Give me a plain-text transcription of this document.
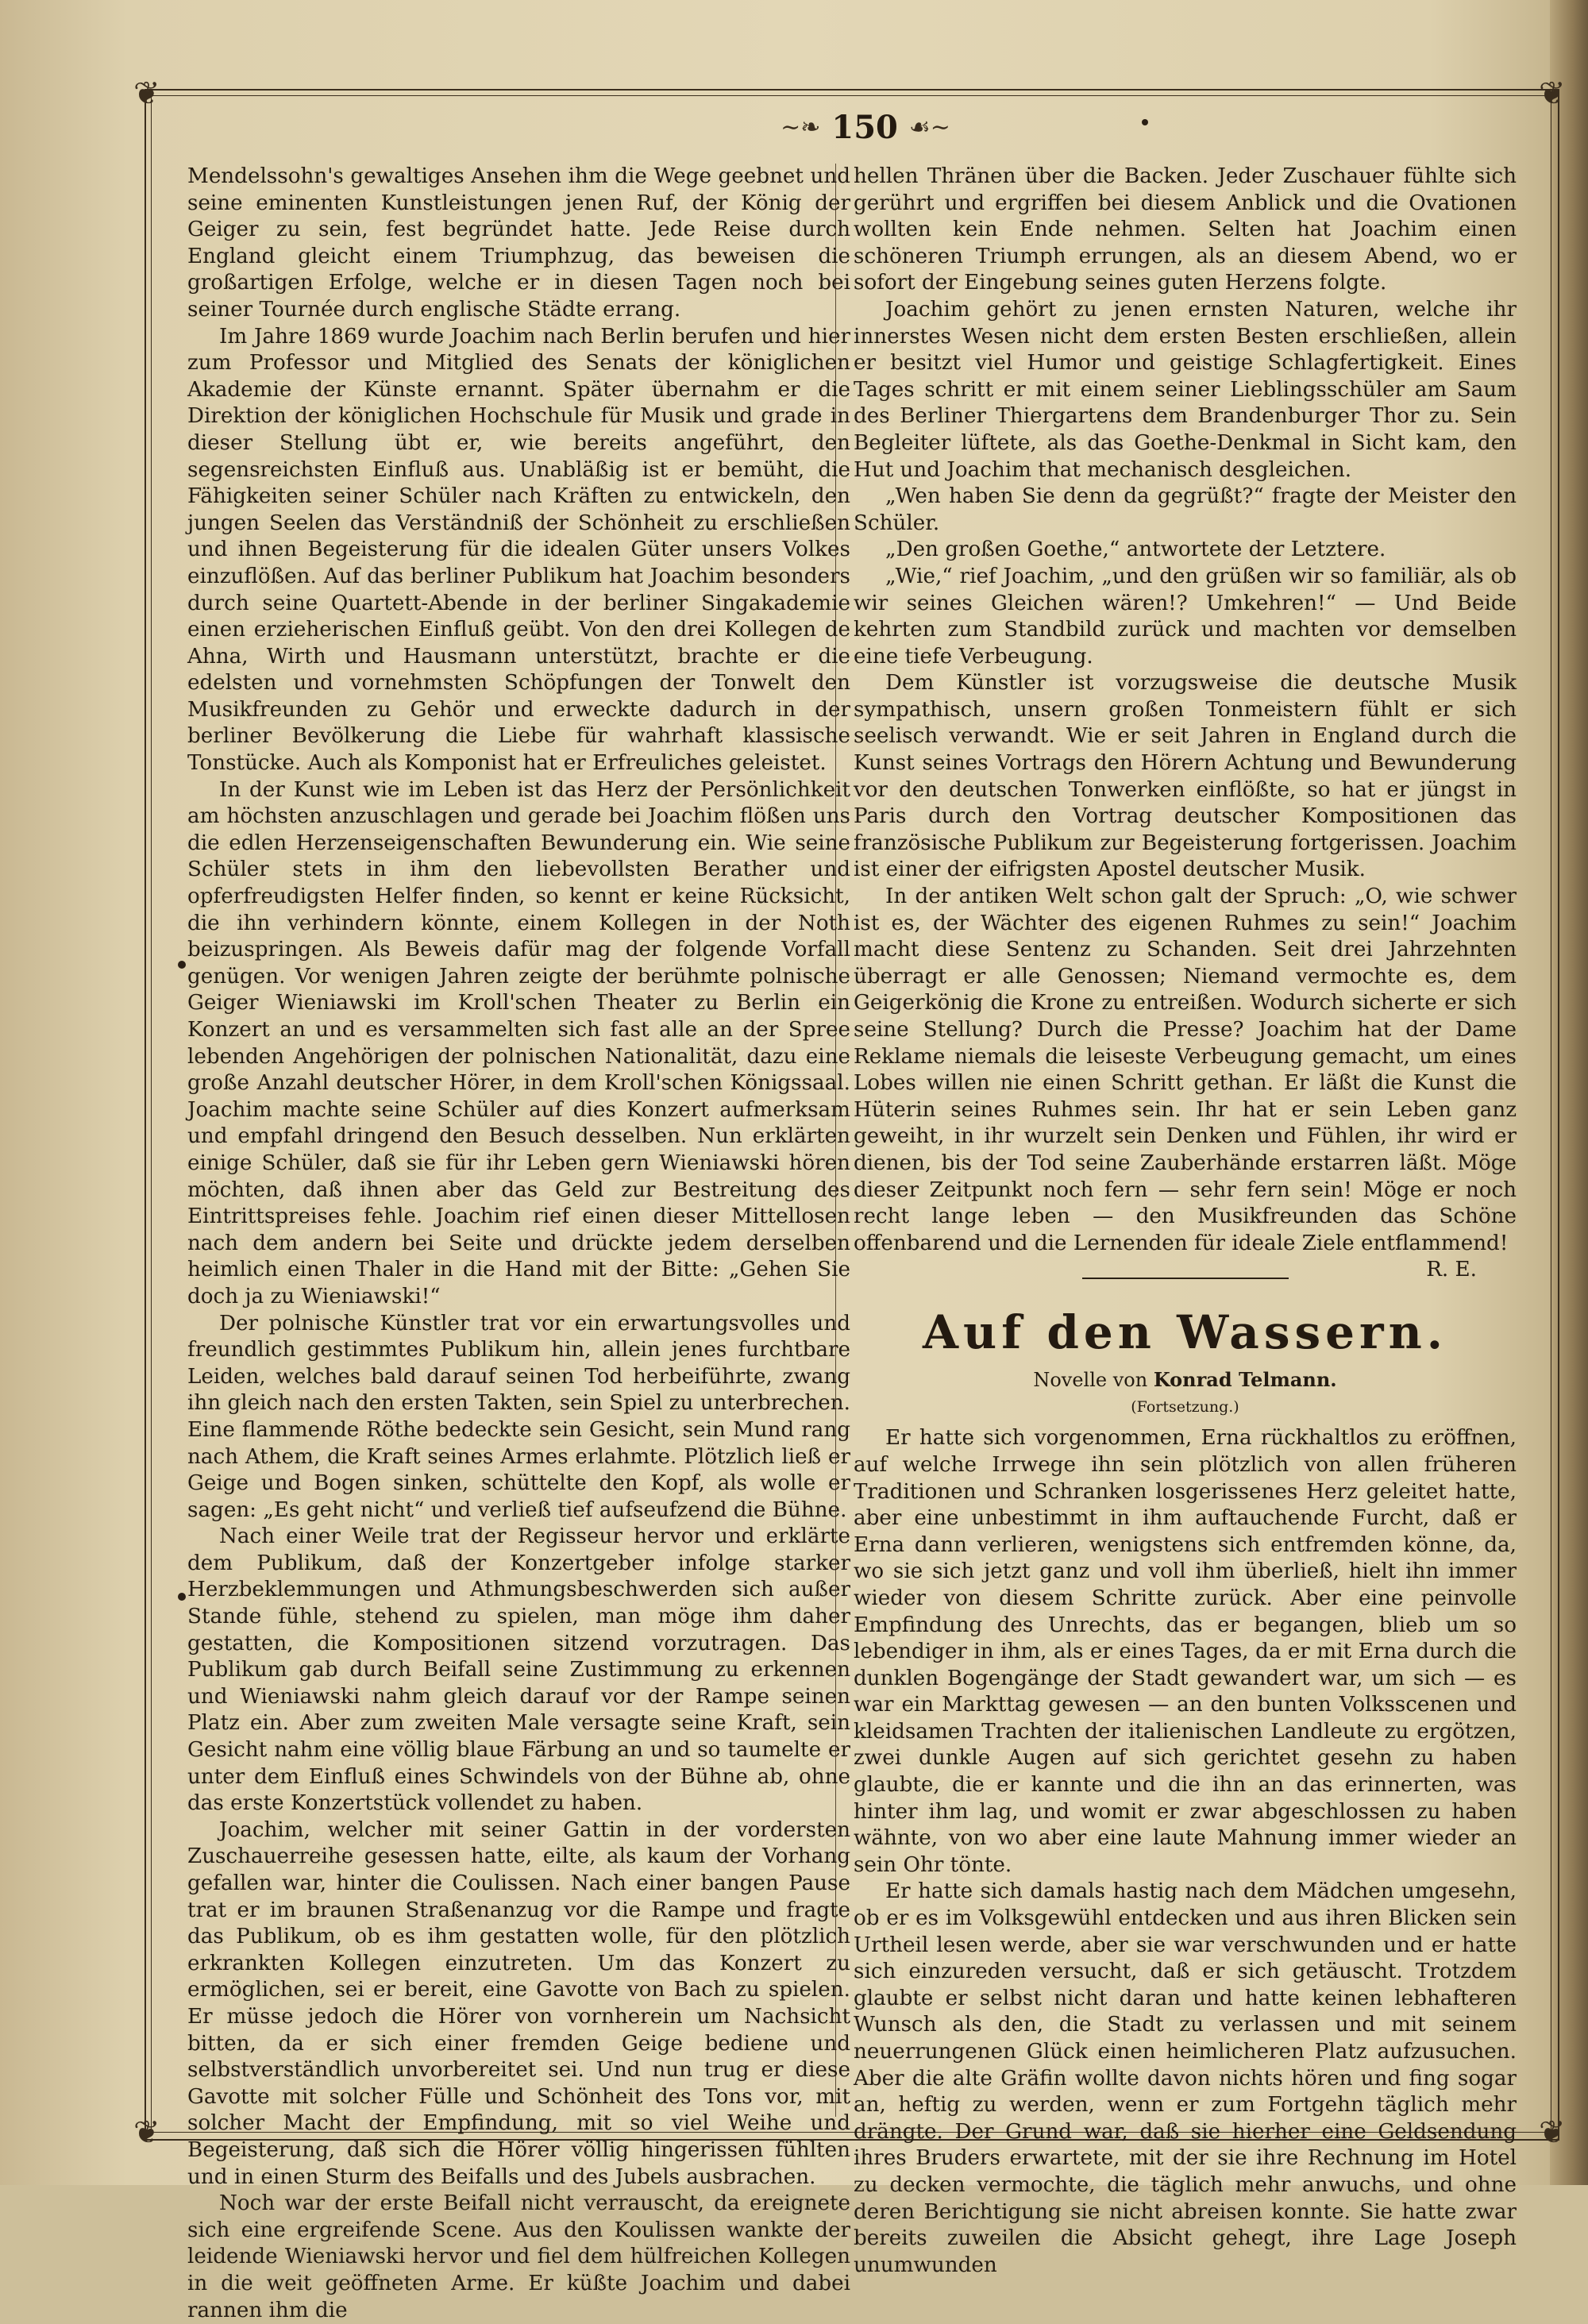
❦	❦
❦	❦
∼❧ 150 ☙∼

Mendelssohn's gewaltiges Ansehen ihm die Wege geebnet und seine eminenten Kunstleistungen jenen Ruf, der König der Geiger zu sein, fest begründet hatte. Jede Reise durch England gleicht einem Triumphzug, das beweisen die großartigen Erfolge, welche er in diesen Tagen noch bei seiner Tournée durch englische Städte errang.

Im Jahre 1869 wurde Joachim nach Berlin berufen und hier zum Professor und Mitglied des Senats der königlichen Akademie der Künste ernannt. Später übernahm er die Direktion der königlichen Hochschule für Musik und grade in dieser Stellung übt er, wie bereits angeführt, den segensreichsten Einfluß aus. Unabläßig ist er bemüht, die Fähigkeiten seiner Schüler nach Kräften zu entwickeln, den jungen Seelen das Verständniß der Schönheit zu erschließen und ihnen Begeisterung für die idealen Güter unsers Volkes einzuflößen. Auf das berliner Publikum hat Joachim besonders durch seine Quartett-Abende in der berliner Singakademie einen erzieherischen Einfluß geübt. Von den drei Kollegen de Ahna, Wirth und Hausmann unterstützt, brachte er die edelsten und vornehmsten Schöpfungen der Tonwelt den Musikfreunden zu Gehör und erweckte dadurch in der berliner Bevölkerung die Liebe für wahrhaft klassische Tonstücke. Auch als Komponist hat er Erfreuliches geleistet.

In der Kunst wie im Leben ist das Herz der Persönlichkeit am höchsten anzuschlagen und gerade bei Joachim flößen uns die edlen Herzenseigenschaften Bewunderung ein. Wie seine Schüler stets in ihm den liebevollsten Berather und opferfreudigsten Helfer finden, so kennt er keine Rücksicht, die ihn verhindern könnte, einem Kollegen in der Noth beizuspringen. Als Beweis dafür mag der folgende Vorfall genügen. Vor wenigen Jahren zeigte der berühmte polnische Geiger Wieniawski im Kroll'schen Theater zu Berlin ein Konzert an und es versammelten sich fast alle an der Spree lebenden Angehörigen der polnischen Nationalität, dazu eine große Anzahl deutscher Hörer, in dem Kroll'schen Königssaal. Joachim machte seine Schüler auf dies Konzert aufmerksam und empfahl dringend den Besuch desselben. Nun erklärten einige Schüler, daß sie für ihr Leben gern Wieniawski hören möchten, daß ihnen aber das Geld zur Bestreitung des Eintrittspreises fehle. Joachim rief einen dieser Mittellosen nach dem andern bei Seite und drückte jedem derselben heimlich einen Thaler in die Hand mit der Bitte: „Gehen Sie doch ja zu Wieniawski!“

Der polnische Künstler trat vor ein erwartungsvolles und freundlich gestimmtes Publikum hin, allein jenes furchtbare Leiden, welches bald darauf seinen Tod herbeiführte, zwang ihn gleich nach den ersten Takten, sein Spiel zu unterbrechen. Eine flammende Röthe bedeckte sein Gesicht, sein Mund rang nach Athem, die Kraft seines Armes erlahmte. Plötzlich ließ er Geige und Bogen sinken, schüttelte den Kopf, als wolle er sagen: „Es geht nicht“ und verließ tief aufseufzend die Bühne.

Nach einer Weile trat der Regisseur hervor und erklärte dem Publikum, daß der Konzertgeber infolge starker Herzbeklemmungen und Athmungsbeschwerden sich außer Stande fühle, stehend zu spielen, man möge ihm daher gestatten, die Kompositionen sitzend vorzutragen. Das Publikum gab durch Beifall seine Zustimmung zu erkennen und Wieniawski nahm gleich darauf vor der Rampe seinen Platz ein. Aber zum zweiten Male versagte seine Kraft, sein Gesicht nahm eine völlig blaue Färbung an und so taumelte er unter dem Einfluß eines Schwindels von der Bühne ab, ohne das erste Konzertstück vollendet zu haben.

Joachim, welcher mit seiner Gattin in der vordersten Zuschauerreihe gesessen hatte, eilte, als kaum der Vorhang gefallen war, hinter die Coulissen. Nach einer bangen Pause trat er im braunen Straßenanzug vor die Rampe und fragte das Publikum, ob es ihm gestatten wolle, für den plötzlich erkrankten Kollegen einzutreten. Um das Konzert zu ermöglichen, sei er bereit, eine Gavotte von Bach zu spielen. Er müsse jedoch die Hörer von vornherein um Nachsicht bitten, da er sich einer fremden Geige bediene und selbstverständlich unvorbereitet sei. Und nun trug er diese Gavotte mit solcher Fülle und Schönheit des Tons vor, mit solcher Macht der Empfindung, mit so viel Weihe und Begeisterung, daß sich die Hörer völlig hingerissen fühlten und in einen Sturm des Beifalls und des Jubels ausbrachen.

Noch war der erste Beifall nicht verrauscht, da ereignete sich eine ergreifende Scene. Aus den Koulissen wankte der leidende Wieniawski hervor und fiel dem hülfreichen Kollegen in die weit geöffneten Arme. Er küßte Joachim und dabei rannen ihm die

hellen Thränen über die Backen. Jeder Zuschauer fühlte sich gerührt und ergriffen bei diesem Anblick und die Ovationen wollten kein Ende nehmen. Selten hat Joachim einen schöneren Triumph errungen, als an diesem Abend, wo er sofort der Eingebung seines guten Herzens folgte.

Joachim gehört zu jenen ernsten Naturen, welche ihr innerstes Wesen nicht dem ersten Besten erschließen, allein er besitzt viel Humor und geistige Schlagfertigkeit. Eines Tages schritt er mit einem seiner Lieblingsschüler am Saum des Berliner Thiergartens dem Brandenburger Thor zu. Sein Begleiter lüftete, als das Goethe-Denkmal in Sicht kam, den Hut und Joachim that mechanisch desgleichen.

„Wen haben Sie denn da gegrüßt?“ fragte der Meister den Schüler.

„Den großen Goethe,“ antwortete der Letztere.

„Wie,“ rief Joachim, „und den grüßen wir so familiär, als ob wir seines Gleichen wären!? Umkehren!“ — Und Beide kehrten zum Standbild zurück und machten vor demselben eine tiefe Verbeugung.

Dem Künstler ist vorzugsweise die deutsche Musik sympathisch, unsern großen Tonmeistern fühlt er sich seelisch verwandt. Wie er seit Jahren in England durch die Kunst seines Vortrags den Hörern Achtung und Bewunderung vor den deutschen Tonwerken einflößte, so hat er jüngst in Paris durch den Vortrag deutscher Kompositionen das französische Publikum zur Begeisterung fortgerissen. Joachim ist einer der eifrigsten Apostel deutscher Musik.

In der antiken Welt schon galt der Spruch: „O, wie schwer ist es, der Wächter des eigenen Ruhmes zu sein!“ Joachim macht diese Sentenz zu Schanden. Seit drei Jahrzehnten überragt er alle Genossen; Niemand vermochte es, dem Geigerkönig die Krone zu entreißen. Wodurch sicherte er sich seine Stellung? Durch die Presse? Joachim hat der Dame Reklame niemals die leiseste Verbeugung gemacht, um eines Lobes willen nie einen Schritt gethan. Er läßt die Kunst die Hüterin seines Ruhmes sein. Ihr hat er sein Leben ganz geweiht, in ihr wurzelt sein Denken und Fühlen, ihr wird er dienen, bis der Tod seine Zauberhände erstarren läßt. Möge dieser Zeitpunkt noch fern — sehr fern sein! Möge er noch recht lange leben — den Musikfreunden das Schöne offenbarend und die Lernenden für ideale Ziele entflammend!

R. E.
Auf den Wassern.
Novelle von Konrad Telmann.
(Fortsetzung.)

Er hatte sich vorgenommen, Erna rückhaltlos zu eröffnen, auf welche Irrwege ihn sein plötzlich von allen früheren Traditionen und Schranken losgerissenes Herz geleitet hatte, aber eine unbestimmt in ihm auftauchende Furcht, daß er Erna dann verlieren, wenigstens sich entfremden könne, da, wo sie sich jetzt ganz und voll ihm überließ, hielt ihn immer wieder von diesem Schritte zurück. Aber eine peinvolle Empfindung des Unrechts, das er begangen, blieb um so lebendiger in ihm, als er eines Tages, da er mit Erna durch die dunklen Bogengänge der Stadt gewandert war, um sich — es war ein Markttag gewesen — an den bunten Volksscenen und kleidsamen Trachten der italienischen Landleute zu ergötzen, zwei dunkle Augen auf sich gerichtet gesehn zu haben glaubte, die er kannte und die ihn an das erinnerten, was hinter ihm lag, und womit er zwar abgeschlossen zu haben wähnte, von wo aber eine laute Mahnung immer wieder an sein Ohr tönte.

Er hatte sich damals hastig nach dem Mädchen umgesehn, ob er es im Volksgewühl entdecken und aus ihren Blicken sein Urtheil lesen werde, aber sie war verschwunden und er hatte sich einzureden versucht, daß er sich getäuscht. Trotzdem glaubte er selbst nicht daran und hatte keinen lebhafteren Wunsch als den, die Stadt zu verlassen und mit seinem neuerrungenen Glück einen heimlicheren Platz aufzusuchen. Aber die alte Gräfin wollte davon nichts hören und fing sogar an, heftig zu werden, wenn er zum Fortgehn täglich mehr drängte. Der Grund war, daß sie hierher eine Geldsendung ihres Bruders erwartete, mit der sie ihre Rechnung im Hotel zu decken vermochte, die täglich mehr anwuchs, und ohne deren Berichtigung sie nicht abreisen konnte. Sie hatte zwar bereits zuweilen die Absicht gehegt, ihre Lage Joseph unumwunden
